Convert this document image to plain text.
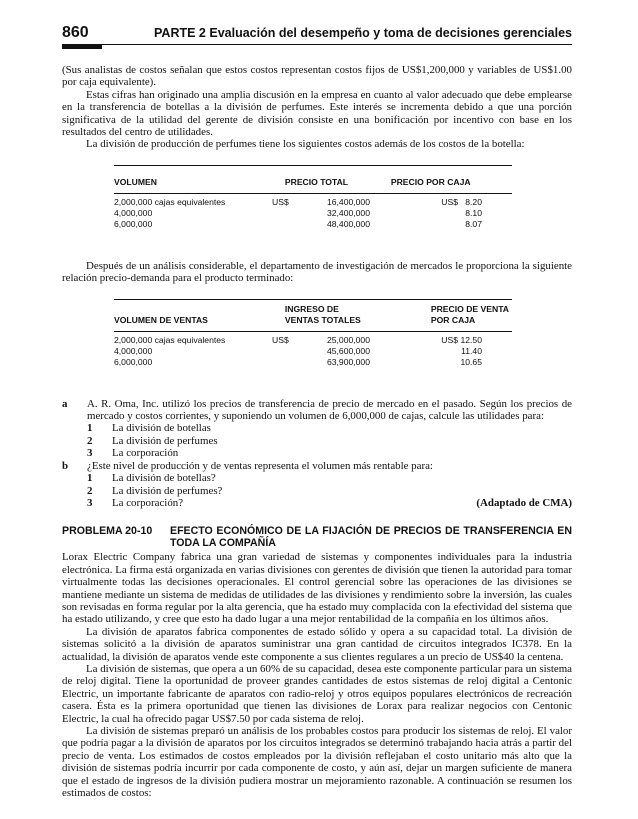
860	PARTE 2 Evaluación del desempeño y toma de decisiones gerenciales

(Sus analistas de costos señalan que estos costos representan costos fijos de US$1,200,000 y variables de US$1.00 por caja equivalente).

Estas cifras han originado una amplia discusión en la empresa en cuanto al valor adecuado que debe emplearse en la transferencia de botellas a la división de perfumes. Este interés se incrementa debido a que una porción significativa de la utilidad del gerente de división consiste en una bonificación por incentivo con base en los resultados del centro de utilidades.

La división de producción de perfumes tiene los siguientes costos además de los costos de la botella:

VOLUMEN	PRECIO TOTAL	PRECIO POR CAJA
2,000,000 cajas equivalentes	US$	16,400,000	US$	8.20	
4,000,000		32,400,000		8.10	
6,000,000		48,400,000		8.07	

Después de un análisis considerable, el departamento de investigación de mercados le proporciona la siguiente relación precio-demanda para el producto terminado:

	INGRESO DE	PRECIO DE VENTA
VOLUMEN DE VENTAS	VENTAS TOTALES	POR CAJA
2,000,000 cajas equivalentes	US$	25,000,000	US$	12.50	
4,000,000		45,600,000		11.40	
6,000,000		63,900,000		10.65	
a	A. R. Oma, Inc. utilizó los precios de transferencia de precio de mercado en el pasado. Según los precios de mercado y costos corrientes, y suponiendo un volumen de 6,000,000 de cajas, calcule las utilidades para:
1	La división de botellas
2	La división de perfumes
3	La corporación
b	¿Este nivel de producción y de ventas representa el volumen más rentable para:
1	La división de botellas?
2	La división de perfumes?
3	La corporación?	(Adaptado de CMA)
PROBLEMA 20-10	EFECTO ECONÓMICO DE LA FIJACIÓN DE PRECIOS DE TRANSFERENCIA EN TODA LA COMPAÑÍA

Lorax Electric Company fabrica una gran variedad de sistemas y componentes individuales para la industria electrónica. La firma está organizada en varias divisiones con gerentes de división que tienen la autoridad para tomar virtualmente todas las decisiones operacionales. El control gerencial sobre las operaciones de las divisiones se mantiene mediante un sistema de medidas de utilidades de las divisiones y rendimiento sobre la inversión, las cuales son revisadas en forma regular por la alta gerencia, que ha estado muy complacida con la efectividad del sistema que ha estado utilizando, y cree que esto ha dado lugar a una mejor rentabilidad de la compañía en los últimos años.

La división de aparatos fabrica componentes de estado sólido y opera a su capacidad total. La división de sistemas solicitó a la división de aparatos suministrar una gran cantidad de circuitos integrados IC378. En la actualidad, la división de aparatos vende este componente a sus clientes regulares a un precio de US$40 la centena.

La división de sistemas, que opera a un 60% de su capacidad, desea este componente particular para un sistema de reloj digital. Tiene la oportunidad de proveer grandes cantidades de estos sistemas de reloj digital a Centonic Electric, un importante fabricante de aparatos con radio-reloj y otros equipos populares electrónicos de recreación casera. Ésta es la primera oportunidad que tienen las divisiones de Lorax para realizar negocios con Centonic Electric, la cual ha ofrecido pagar US$7.50 por cada sistema de reloj.

La división de sistemas preparó un análisis de los probables costos para producir los sistemas de reloj. El valor que podría pagar a la división de aparatos por los circuitos integrados se determinó trabajando hacia atrás a partir del precio de venta. Los estimados de costos empleados por la división reflejaban el costo unitario más alto que la división de sistemas podría incurrir por cada componente de costo, y aún así, dejar un margen suficiente de manera que el estado de ingresos de la división pudiera mostrar un mejoramiento razonable. A continuación se resumen los estimados de costos:
